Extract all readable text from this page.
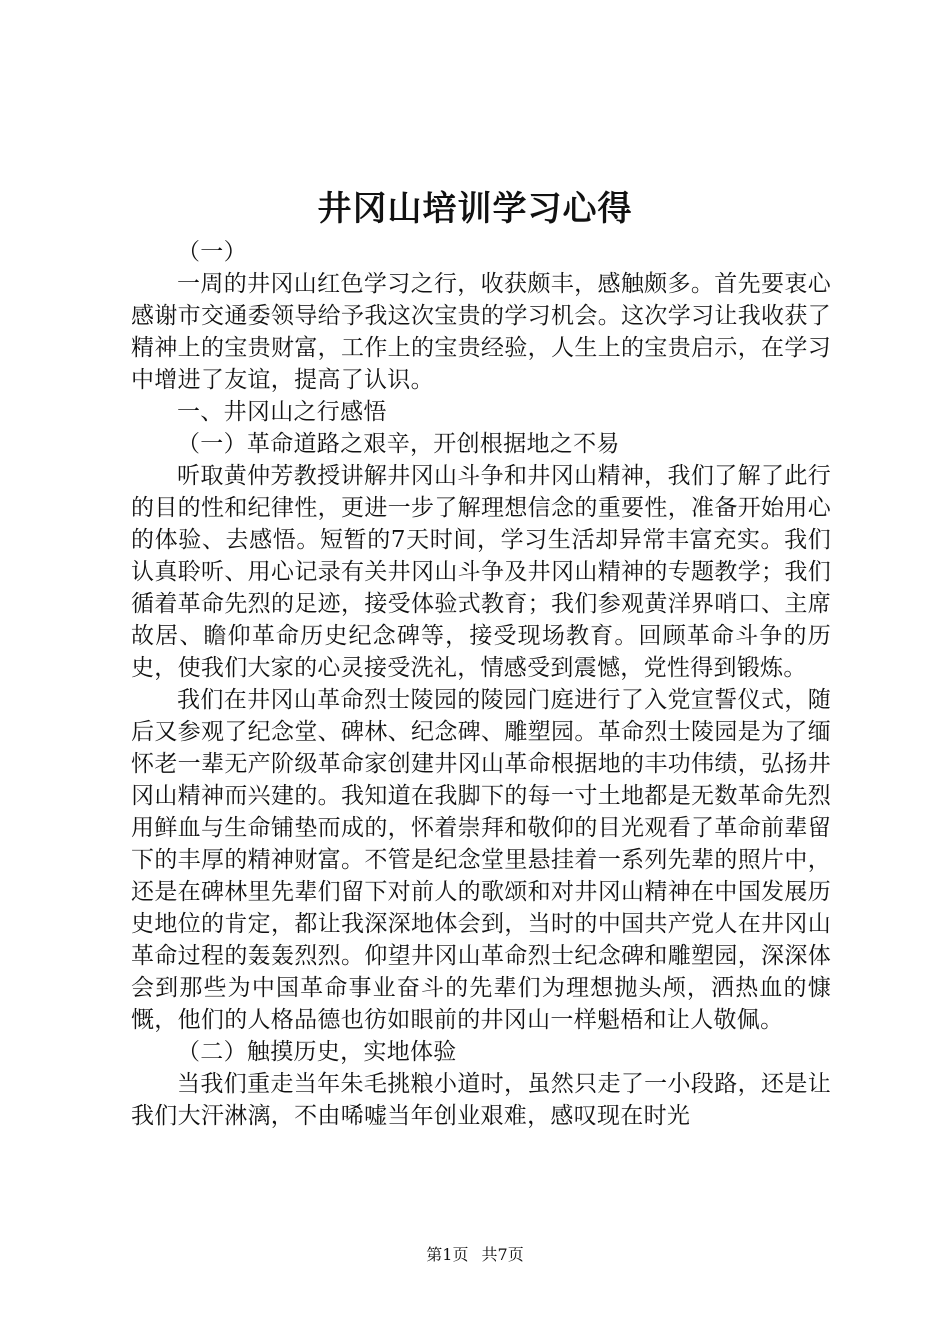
井冈山培训学习心得

（一）

一周的井冈山红色学习之行，收获颇丰，感触颇多。首先要衷心感谢市交通委领导给予我这次宝贵的学习机会。这次学习让我收获了精神上的宝贵财富，工作上的宝贵经验，人生上的宝贵启示，在学习中增进了友谊，提高了认识。

一、井冈山之行感悟

（一）革命道路之艰辛，开创根据地之不易

听取黄仲芳教授讲解井冈山斗争和井冈山精神，我们了解了此行的目的性和纪律性，更进一步了解理想信念的重要性，准备开始用心的体验、去感悟。短暂的7天时间，学习生活却异常丰富充实。我们认真聆听、用心记录有关井冈山斗争及井冈山精神的专题教学；我们循着革命先烈的足迹，接受体验式教育；我们参观黄洋界哨口、主席故居、瞻仰革命历史纪念碑等，接受现场教育。回顾革命斗争的历史，使我们大家的心灵接受洗礼，情感受到震憾，党性得到锻炼。

我们在井冈山革命烈士陵园的陵园门庭进行了入党宣誓仪式，随后又参观了纪念堂、碑林、纪念碑、雕塑园。革命烈士陵园是为了缅怀老一辈无产阶级革命家创建井冈山革命根据地的丰功伟绩，弘扬井冈山精神而兴建的。我知道在我脚下的每一寸土地都是无数革命先烈用鲜血与生命铺垫而成的，怀着崇拜和敬仰的目光观看了革命前辈留下的丰厚的精神财富。不管是纪念堂里悬挂着一系列先辈的照片中，还是在碑林里先辈们留下对前人的歌颂和对井冈山精神在中国发展历史地位的肯定，都让我深深地体会到，当时的中国共产党人在井冈山革命过程的轰轰烈烈。仰望井冈山革命烈士纪念碑和雕塑园，深深体会到那些为中国革命事业奋斗的先辈们为理想抛头颅，洒热血的慷慨，他们的人格品德也彷如眼前的井冈山一样魁梧和让人敬佩。

（二）触摸历史，实地体验

当我们重走当年朱毛挑粮小道时，虽然只走了一小段路，还是让我们大汗淋漓，不由唏嘘当年创业艰难，感叹现在时光

第1页 共7页
